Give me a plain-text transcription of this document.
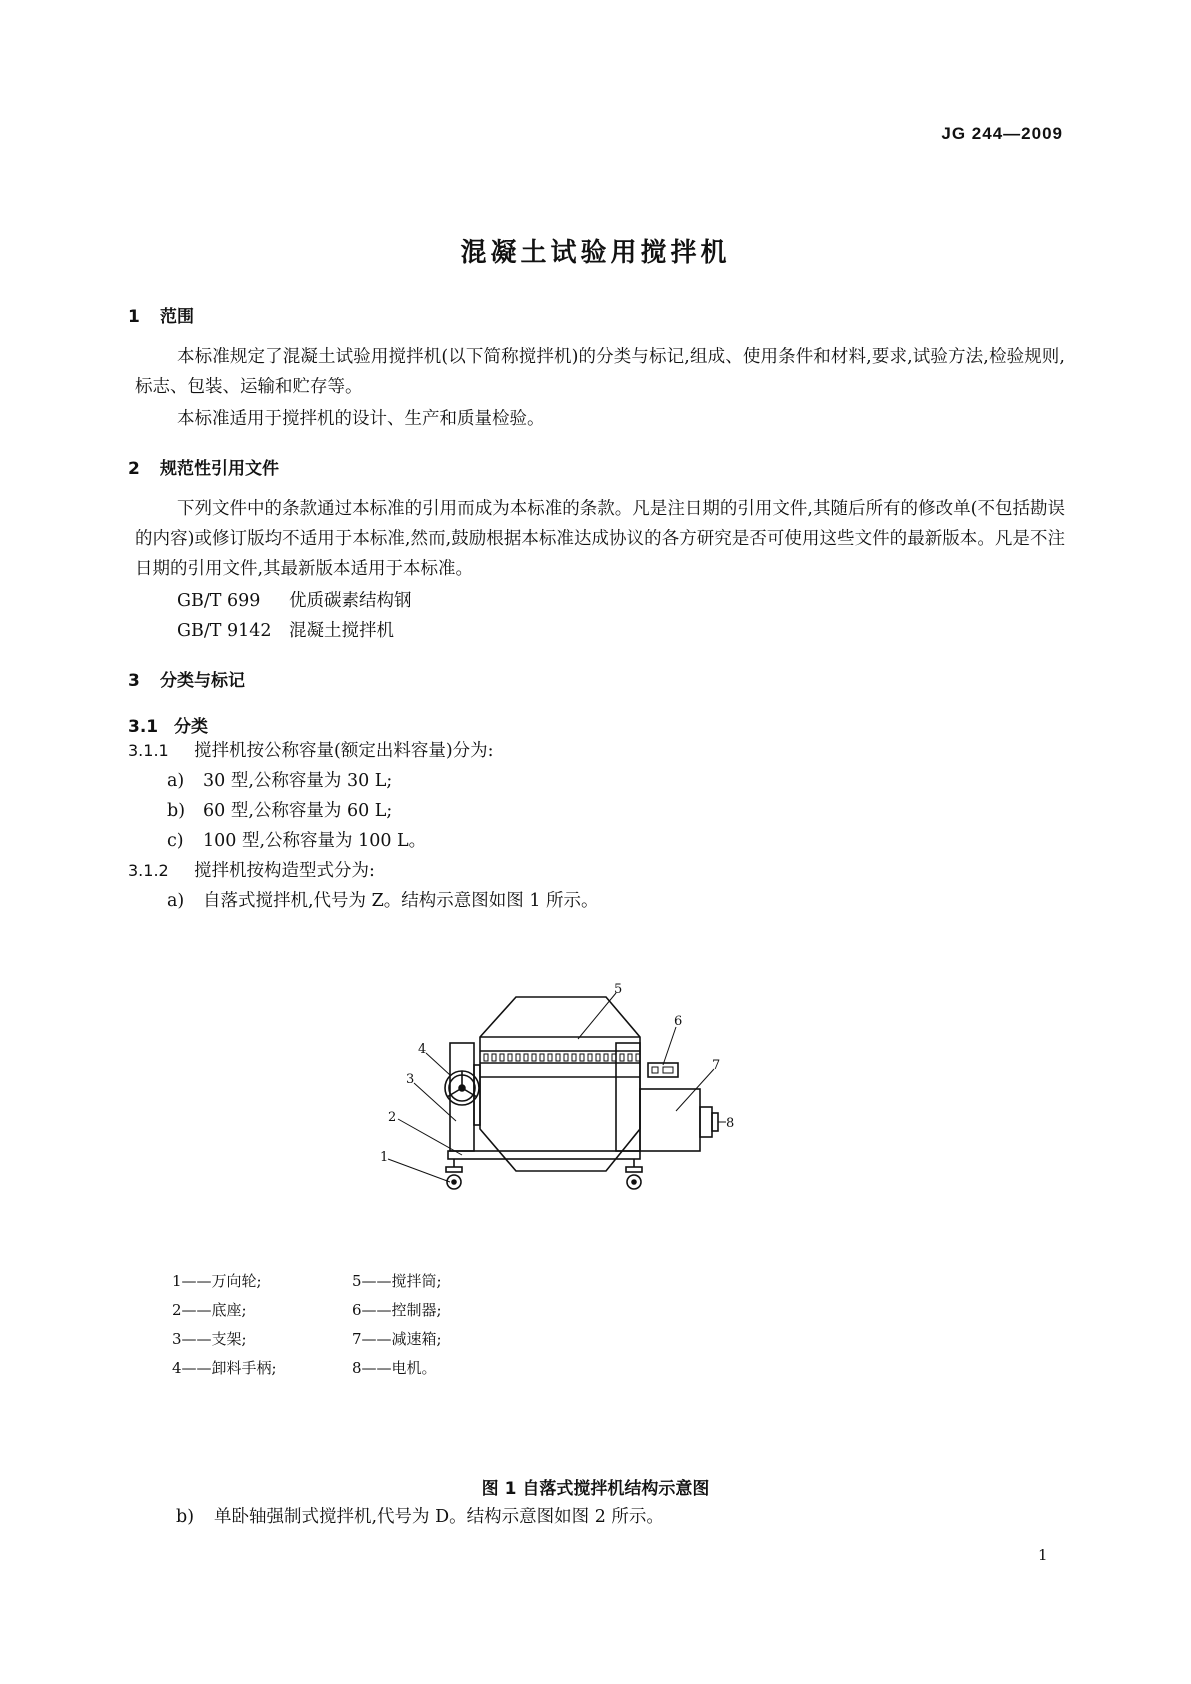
JG 244—2009
混凝土试验用搅拌机
1 范围
本标准规定了混凝土试验用搅拌机(以下简称搅拌机)的分类与标记,组成、使用条件和材料,要求,试验方法,检验规则,标志、包装、运输和贮存等。
本标准适用于搅拌机的设计、生产和质量检验。
2 规范性引用文件
下列文件中的条款通过本标准的引用而成为本标准的条款。凡是注日期的引用文件,其随后所有的修改单(不包括勘误的内容)或修订版均不适用于本标准,然而,鼓励根据本标准达成协议的各方研究是否可使用这些文件的最新版本。凡是不注日期的引用文件,其最新版本适用于本标准。
GB/T 699 优质碳素结构钢
GB/T 9142 混凝土搅拌机
3 分类与标记
3.1 分类
3.1.1 搅拌机按公称容量(额定出料容量)分为:
a) 30 型,公称容量为 30 L;
b) 60 型,公称容量为 60 L;
c) 100 型,公称容量为 100 L。
3.1.2 搅拌机按构造型式分为:
a) 自落式搅拌机,代号为 Z。结构示意图如图 1 所示。
1
2
3
4
5
6
7
8
1——万向轮;	5——搅拌筒;
2——底座;	6——控制器;
3——支架;	7——减速箱;
4——卸料手柄;	8——电机。
图 1 自落式搅拌机结构示意图
b) 单卧轴强制式搅拌机,代号为 D。结构示意图如图 2 所示。
1
